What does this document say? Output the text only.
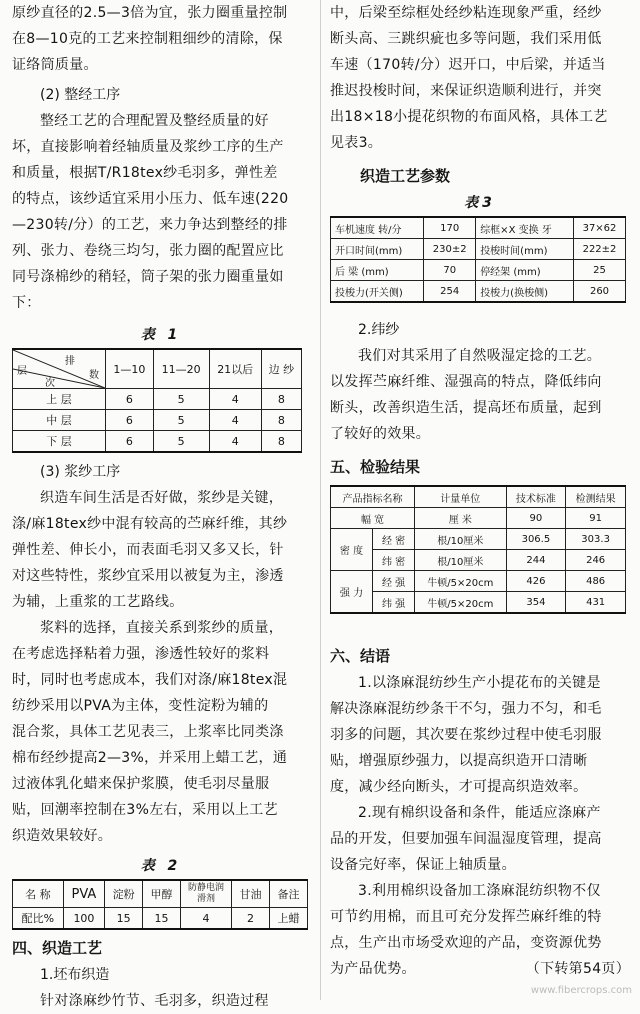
原纱直径的2.5—3倍为宜，张力圈重量控制

在8—10克的工艺来控制粗细纱的清除，保

证络筒质量。

(2) 整经工序

整经工艺的合理配置及整经质量的好

坏，直接影响着经轴质量及浆纱工序的生产

和质量，根据T/R18tex纱毛羽多，弹性差

的特点，该纱适宜采用小压力、低车速(220

—230转/分）的工艺，来力争达到整经的排

列、张力、卷绕三均匀，张力圈的配置应比

同号涤棉纱的稍轻，筒子架的张力圈重量如

下：

表 1
排
数
层
次	1—10	11—20	21以后	边 纱
上 层	6	5	4	8
中 层	6	5	4	8
下 层	6	5	4	8
(3) 浆纱工序

织造车间生活是否好做，浆纱是关键，

涤/麻18tex纱中混有较高的苎麻纤维，其纱

弹性差、伸长小，而表面毛羽又多又长，针

对这些特性，浆纱宜采用以被复为主，渗透

为辅，上重浆的工艺路线。

浆料的选择，直接关系到浆纱的质量，

在考虑选择粘着力强，渗透性较好的浆料

时，同时也考虑成本，我们对涤/麻18tex混

纺纱采用以PVA为主体，变性淀粉为辅的

混合浆，具体工艺见表三，上浆率比同类涤

棉布经纱提高2—3%，并采用上蜡工艺，通

过液体乳化蜡来保护浆膜，使毛羽尽量服

贴，回潮率控制在3%左右，采用以上工艺

织造效果较好。

表 2
名 称	PVA	淀粉	甲醇	防静电润滑剂	甘油	备注
配比%	100	15	15	4	2	上蜡
四、织造工艺
1.坯布织造

针对涤麻纱竹节、毛羽多，织造过程

中，后梁至综框处经纱粘连现象严重，经纱

断头高、三跳织疵也多等问题，我们采用低

车速（170转/分）迟开口，中后梁，并适当

推迟投梭时间，来保证织造顺利进行，并突

出18×18小提花织物的布面风格，具体工艺

见表3。

织造工艺参数
表3
车机速度 转/分	170	综框×X 变换 牙	37×62
开口时间(mm)	230±2	投梭时间(mm)	222±2
后 梁 (mm)	70	停经架 (mm)	25
投梭力(开关侧)	254	投梭力(换梭侧)	260
2.纬纱

我们对其采用了自然吸湿定捻的工艺。

以发挥苎麻纤维、湿强高的特点，降低纬向

断头，改善织造生活，提高坯布质量，起到

了较好的效果。

五、检验结果
产品指标名称		计量单位	技术标准	检测结果
幅 宽		厘 米	90	91
密 度	经 密	根/10厘米	306.5	303.3
	纬 密	根/10厘米	244	246
强 力	经 强	牛顿/5×20cm	426	486
	纬 强	牛顿/5×20cm	354	431
六、结语

1.以涤麻混纺纱生产小提花布的关键是

解决涤麻混纺纱条干不匀，强力不匀，和毛

羽多的问题，其次要在浆纱过程中使毛羽服

贴，增强原纱强力，以提高织造开口清晰

度，减少经向断头，才可提高织造效率。

2.现有棉织设备和条件，能适应涤麻产

品的开发，但要加强车间温湿度管理，提高

设备完好率，保证上轴质量。

3.利用棉织设备加工涤麻混纺织物不仅

可节约用棉，而且可充分发挥苎麻纤维的特

点，生产出市场受欢迎的产品，变资源优势

为产品优势。	（下转第54页）

www.fibercrops.com
